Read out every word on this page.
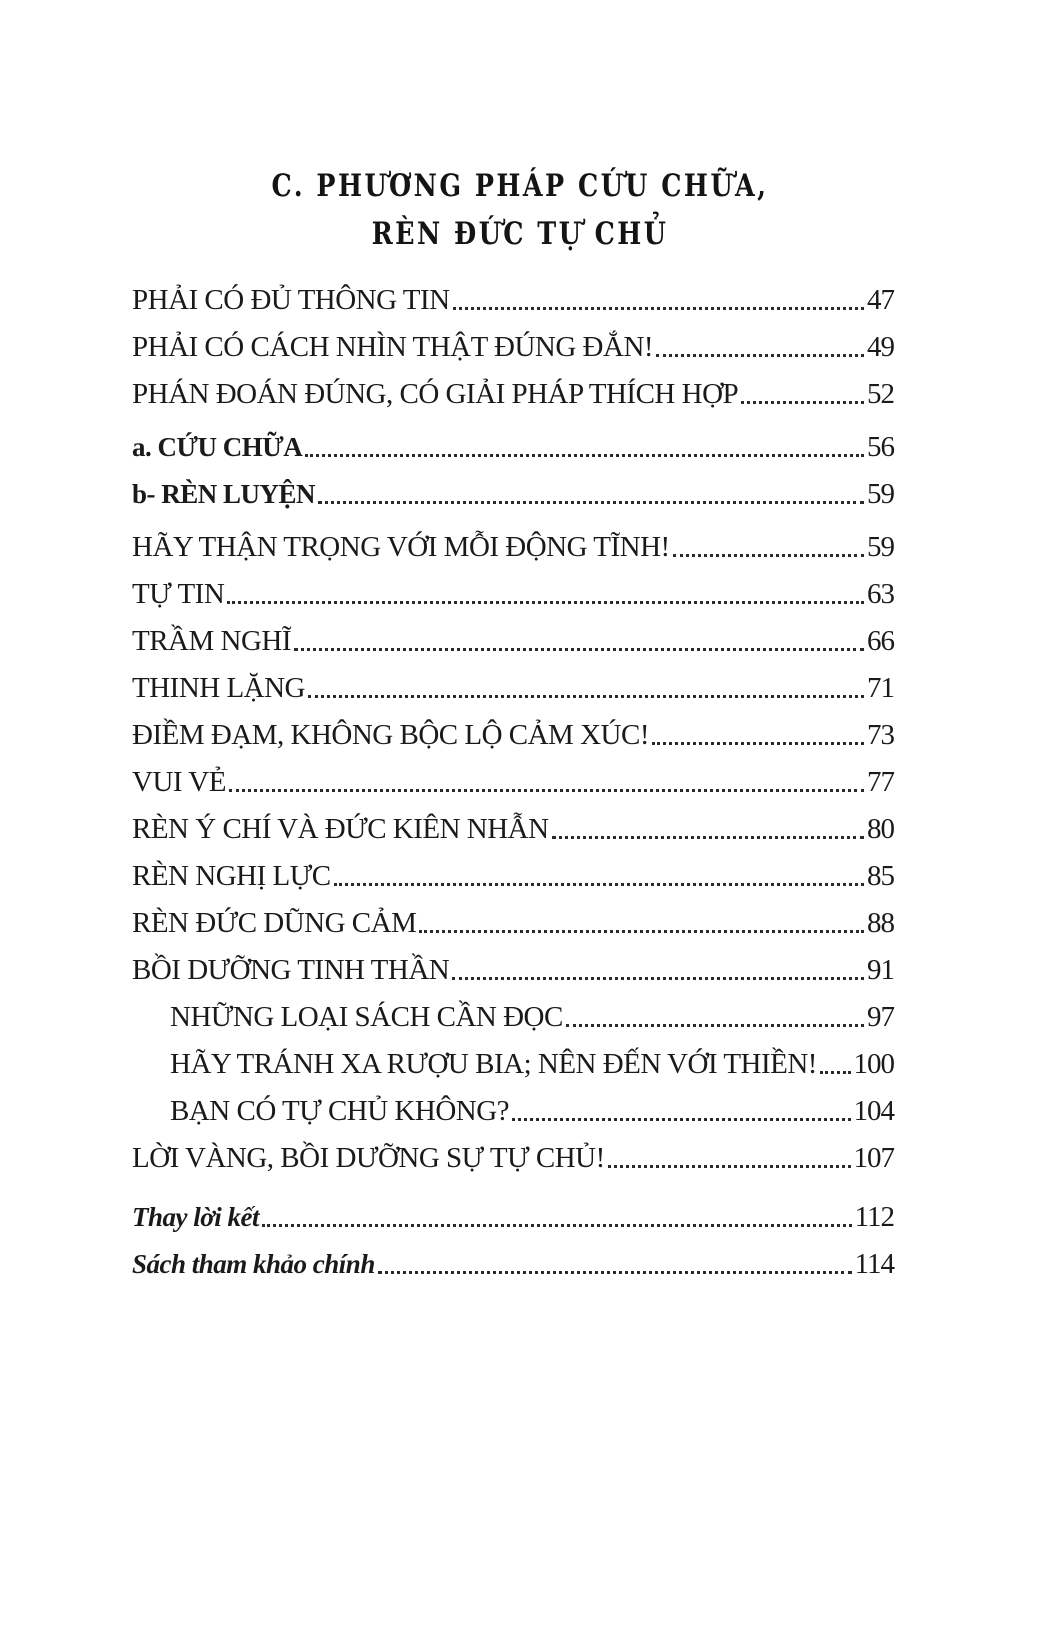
C. PHƯƠNG PHÁP CỨU CHỮA,
RÈN ĐỨC TỰ CHỦ
PHẢI CÓ ĐỦ THÔNG TIN	47
PHẢI CÓ CÁCH NHÌN THẬT ĐÚNG ĐẮN!	49
PHÁN ĐOÁN ĐÚNG, CÓ GIẢI PHÁP THÍCH HỢP	52
a. CỨU CHỮA	56
b- RÈN LUYỆN	59
HÃY THẬN TRỌNG VỚI MỖI ĐỘNG TĨNH!	59
TỰ TIN	63
TRẦM NGHĨ	66
THINH LẶNG	71
ĐIỀM ĐẠM, KHÔNG BỘC LỘ CẢM XÚC!	73
VUI VẺ	77
RÈN Ý CHÍ VÀ ĐỨC KIÊN NHẪN	80
RÈN NGHỊ LỰC	85
RÈN ĐỨC DŨNG CẢM	88
BỒI DƯỠNG TINH THẦN	91
NHỮNG LOẠI SÁCH CẦN ĐỌC	97
HÃY TRÁNH XA RƯỢU BIA; NÊN ĐẾN VỚI THIỀN! 100
BẠN CÓ TỰ CHỦ KHÔNG?	104
LỜI VÀNG, BỒI DƯỠNG SỰ TỰ CHỦ!	107
Thay lời kết	112
Sách tham khảo chính	114
